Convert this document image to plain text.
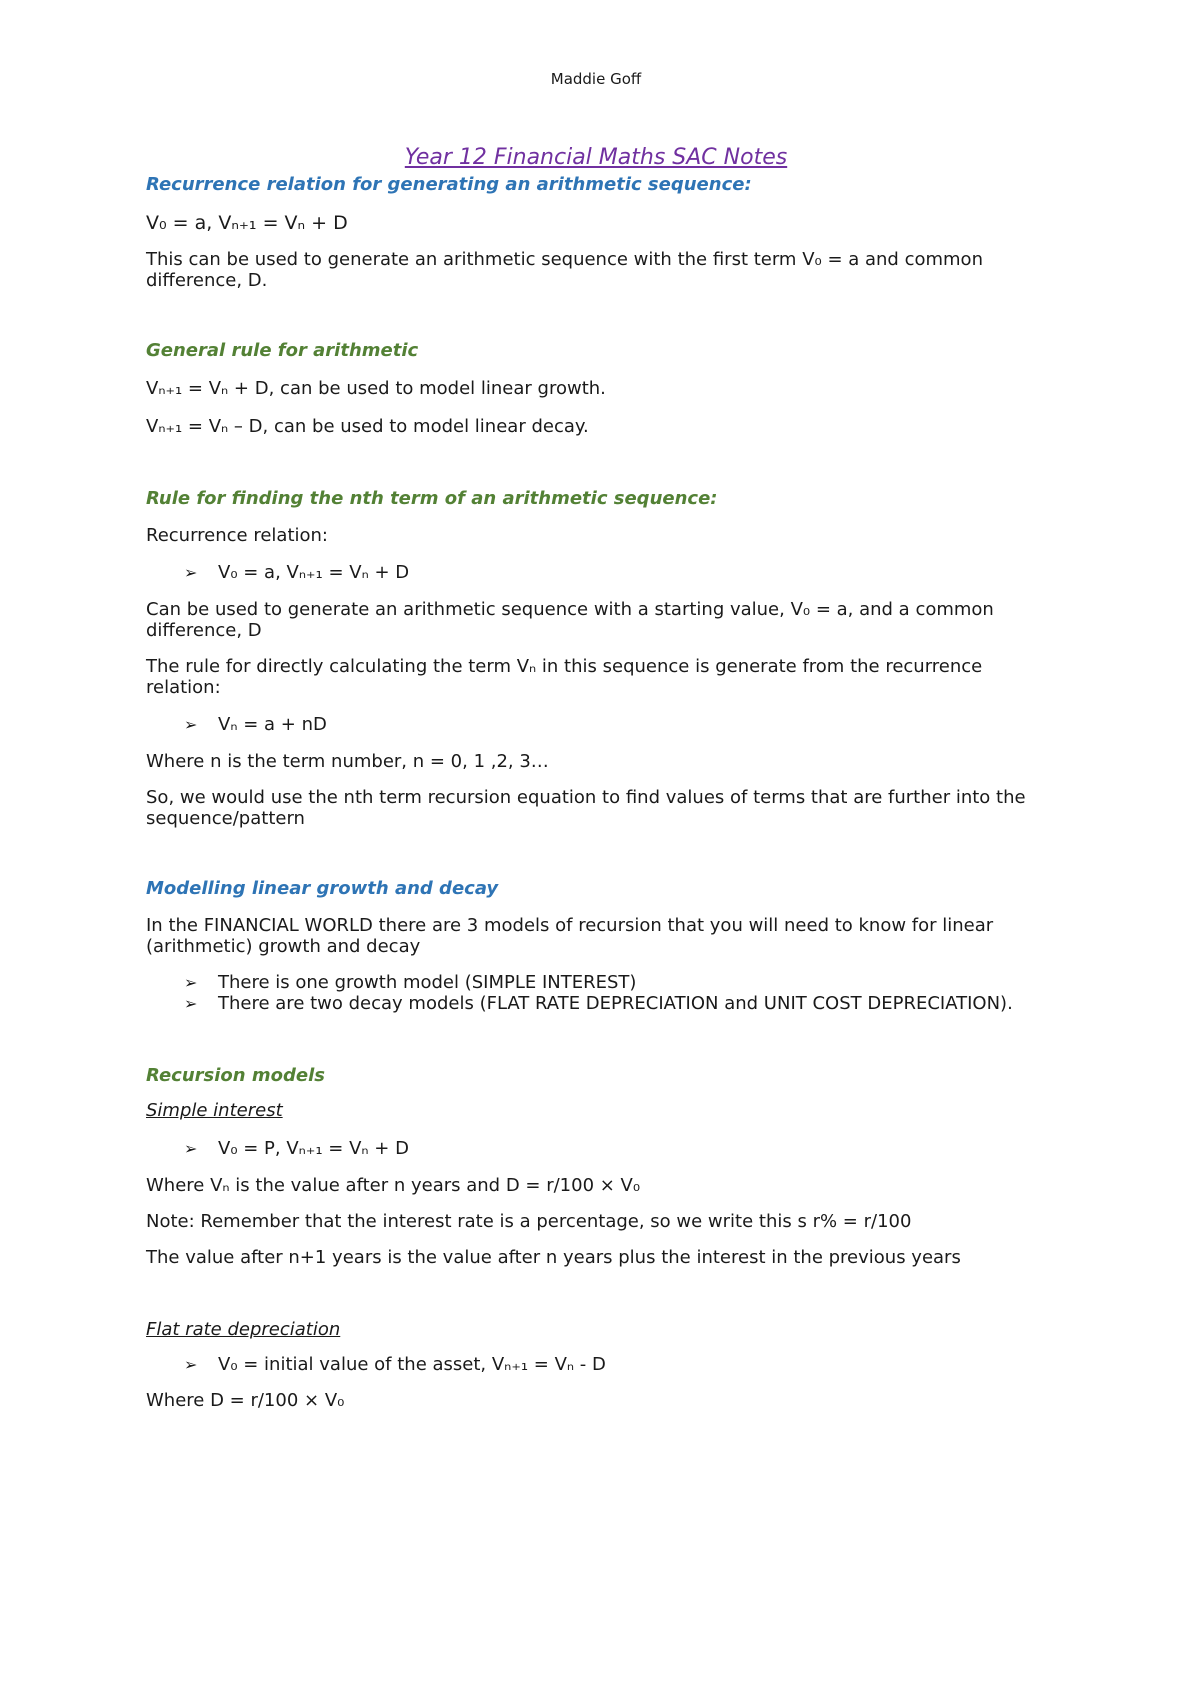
Maddie Goff
Year 12 Financial Maths SAC Notes
Recurrence relation for generating an arithmetic sequence:
V₀ = a, Vₙ₊₁ = Vₙ + D
This can be used to generate an arithmetic sequence with the first term V₀ = a and common
difference, D.
General rule for arithmetic
Vₙ₊₁ = Vₙ + D, can be used to model linear growth.
Vₙ₊₁ = Vₙ – D, can be used to model linear decay.
Rule for finding the nth term of an arithmetic sequence:
Recurrence relation:
➢ V₀ = a, Vₙ₊₁ = Vₙ + D
Can be used to generate an arithmetic sequence with a starting value, V₀ = a, and a common
difference, D
The rule for directly calculating the term Vₙ in this sequence is generate from the recurrence
relation:
➢ Vₙ = a + nD
Where n is the term number, n = 0, 1 ,2, 3…
So, we would use the nth term recursion equation to find values of terms that are further into the
sequence/pattern
Modelling linear growth and decay
In the FINANCIAL WORLD there are 3 models of recursion that you will need to know for linear
(arithmetic) growth and decay
➢ There is one growth model (SIMPLE INTEREST)
➢ There are two decay models (FLAT RATE DEPRECIATION and UNIT COST DEPRECIATION).
Recursion models
Simple interest
➢ V₀ = P, Vₙ₊₁ = Vₙ + D
Where Vₙ is the value after n years and D = r/100 × V₀
Note: Remember that the interest rate is a percentage, so we write this s r% = r/100
The value after n+1 years is the value after n years plus the interest in the previous years
Flat rate depreciation
➢ V₀ = initial value of the asset, Vₙ₊₁ = Vₙ - D
Where D = r/100 × V₀
